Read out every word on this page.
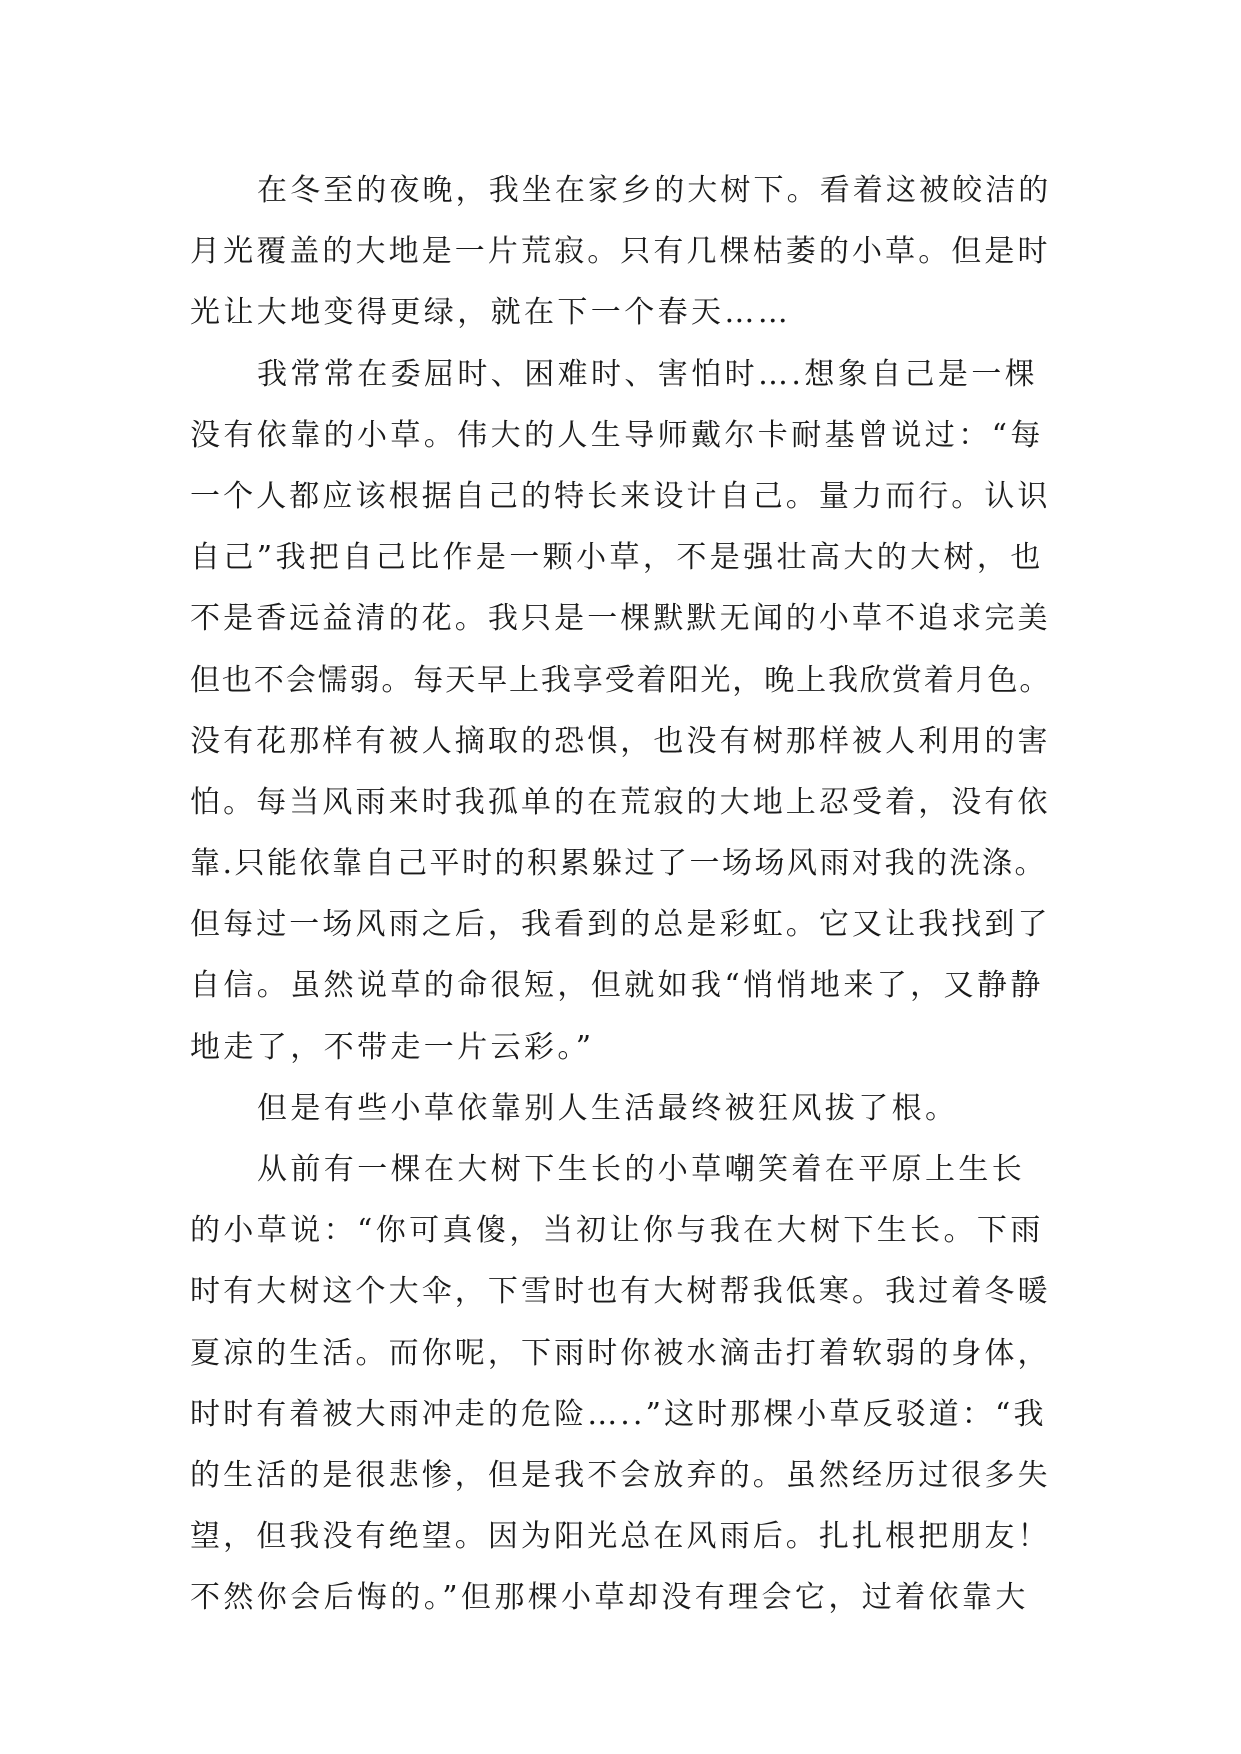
在冬至的夜晚，我坐在家乡的大树下。看着这被皎洁的
月光覆盖的大地是一片荒寂。只有几棵枯萎的小草。但是时
光让大地变得更绿，就在下一个春天……
我常常在委屈时、困难时、害怕时….想象自己是一棵
没有依靠的小草。伟大的人生导师戴尔卡耐基曾说过：“每
一个人都应该根据自己的特长来设计自己。量力而行。认识
自己”我把自己比作是一颗小草，不是强壮高大的大树，也
不是香远益清的花。我只是一棵默默无闻的小草不追求完美
但也不会懦弱。每天早上我享受着阳光，晚上我欣赏着月色。
没有花那样有被人摘取的恐惧，也没有树那样被人利用的害
怕。每当风雨来时我孤单的在荒寂的大地上忍受着，没有依
靠.只能依靠自己平时的积累躲过了一场场风雨对我的洗涤。
但每过一场风雨之后，我看到的总是彩虹。它又让我找到了
自信。虽然说草的命很短，但就如我“悄悄地来了，又静静
地走了，不带走一片云彩。”
但是有些小草依靠别人生活最终被狂风拔了根。
从前有一棵在大树下生长的小草嘲笑着在平原上生长
的小草说：“你可真傻，当初让你与我在大树下生长。下雨
时有大树这个大伞，下雪时也有大树帮我低寒。我过着冬暖
夏凉的生活。而你呢，下雨时你被水滴击打着软弱的身体，
时时有着被大雨冲走的危险…..”这时那棵小草反驳道：“我
的生活的是很悲惨，但是我不会放弃的。虽然经历过很多失
望，但我没有绝望。因为阳光总在风雨后。扎扎根把朋友！
不然你会后悔的。”但那棵小草却没有理会它，过着依靠大
